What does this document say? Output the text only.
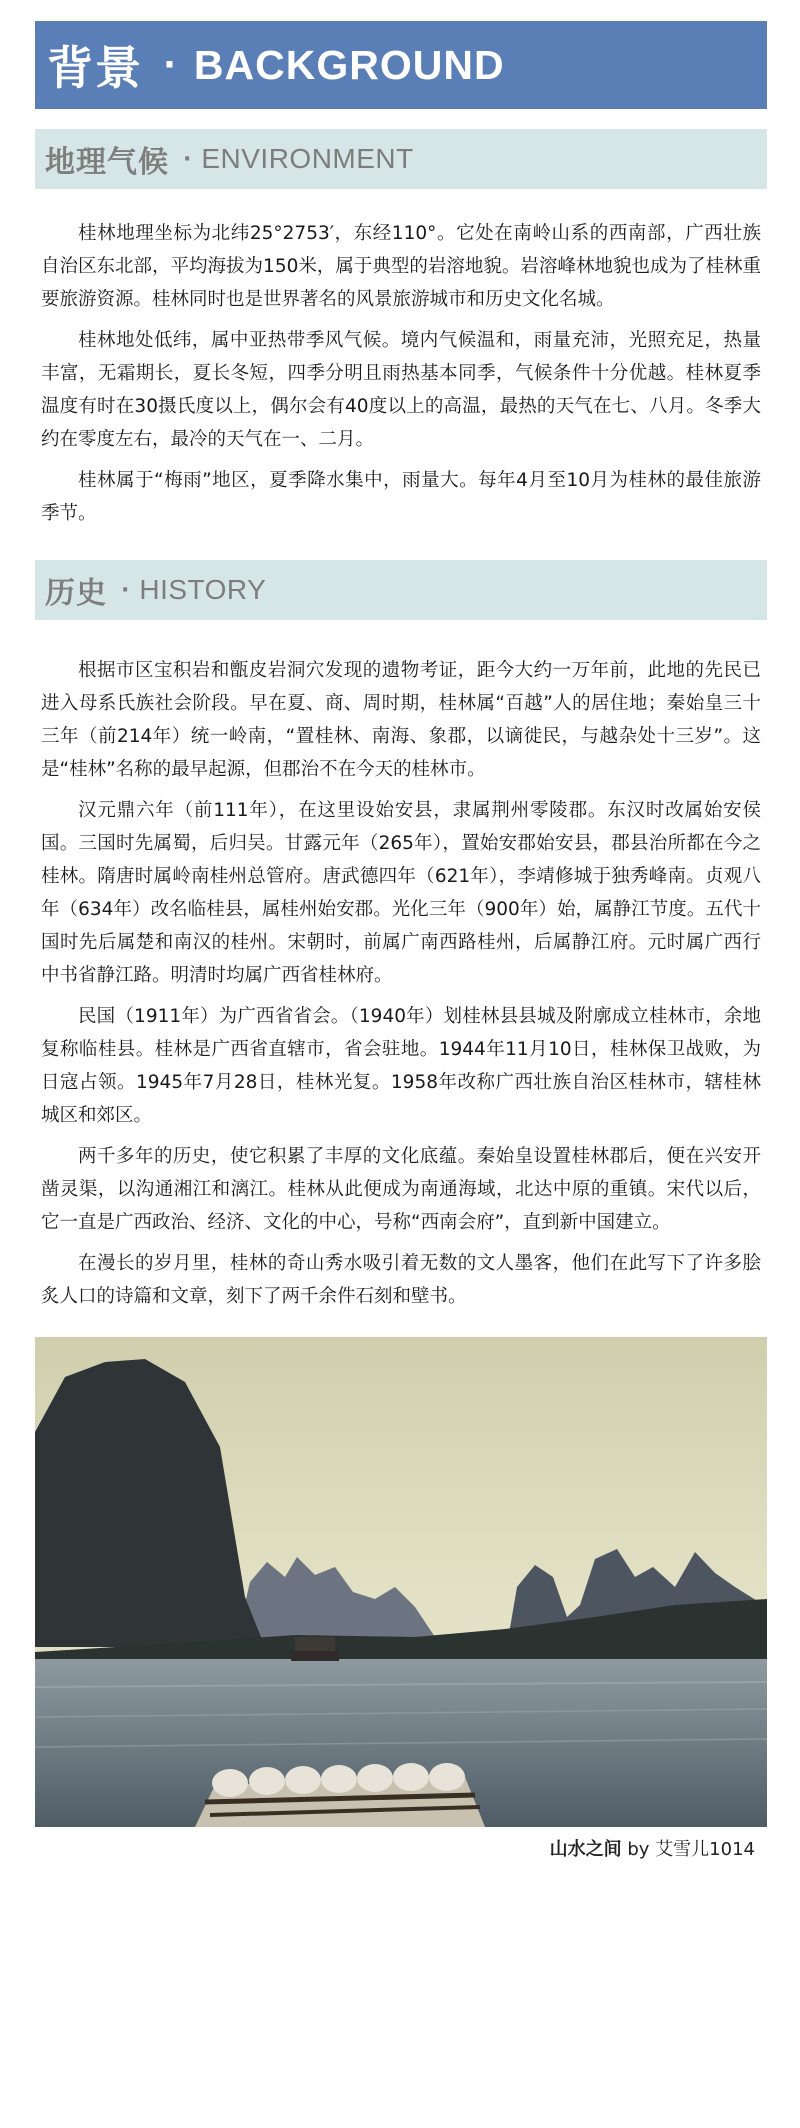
背景 · BACKGROUND
地理气候 · ENVIRONMENT

桂林地理坐标为北纬25°2753′，东经110°。它处在南岭山系的西南部，广西壮族自治区东北部，平均海拔为150米，属于典型的岩溶地貌。岩溶峰林地貌也成为了桂林重要旅游资源。桂林同时也是世界著名的风景旅游城市和历史文化名城。

桂林地处低纬，属中亚热带季风气候。境内气候温和，雨量充沛，光照充足，热量丰富，无霜期长，夏长冬短，四季分明且雨热基本同季，气候条件十分优越。桂林夏季温度有时在30摄氏度以上，偶尔会有40度以上的高温，最热的天气在七、八月。冬季大约在零度左右，最冷的天气在一、二月。

桂林属于“梅雨”地区，夏季降水集中，雨量大。每年4月至10月为桂林的最佳旅游季节。

历史 · HISTORY

根据市区宝积岩和甑皮岩洞穴发现的遗物考证，距今大约一万年前，此地的先民已进入母系氏族社会阶段。早在夏、商、周时期，桂林属“百越”人的居住地；秦始皇三十三年（前214年）统一岭南，“置桂林、南海、象郡，以谪徙民，与越杂处十三岁”。这是“桂林”名称的最早起源，但郡治不在今天的桂林市。

汉元鼎六年（前111年），在这里设始安县，隶属荆州零陵郡。东汉时改属始安侯国。三国时先属蜀，后归吴。甘露元年（265年），置始安郡始安县，郡县治所都在今之桂林。隋唐时属岭南桂州总管府。唐武德四年（621年），李靖修城于独秀峰南。贞观八年（634年）改名临桂县，属桂州始安郡。光化三年（900年）始，属静江节度。五代十国时先后属楚和南汉的桂州。宋朝时，前属广南西路桂州，后属静江府。元时属广西行中书省静江路。明清时均属广西省桂林府。

民国（1911年）为广西省省会。（1940年）划桂林县县城及附廓成立桂林市，余地复称临桂县。桂林是广西省直辖市，省会驻地。1944年11月10日，桂林保卫战败，为日寇占领。1945年7月28日，桂林光复。1958年改称广西壮族自治区桂林市，辖桂林城区和郊区。

两千多年的历史，使它积累了丰厚的文化底蕴。秦始皇设置桂林郡后，便在兴安开凿灵渠，以沟通湘江和漓江。桂林从此便成为南通海域，北达中原的重镇。宋代以后，它一直是广西政治、经济、文化的中心，号称“西南会府”，直到新中国建立。

在漫长的岁月里，桂林的奇山秀水吸引着无数的文人墨客，他们在此写下了许多脍炙人口的诗篇和文章，刻下了两千余件石刻和壁书。

山水之间 by 艾雪儿1014
